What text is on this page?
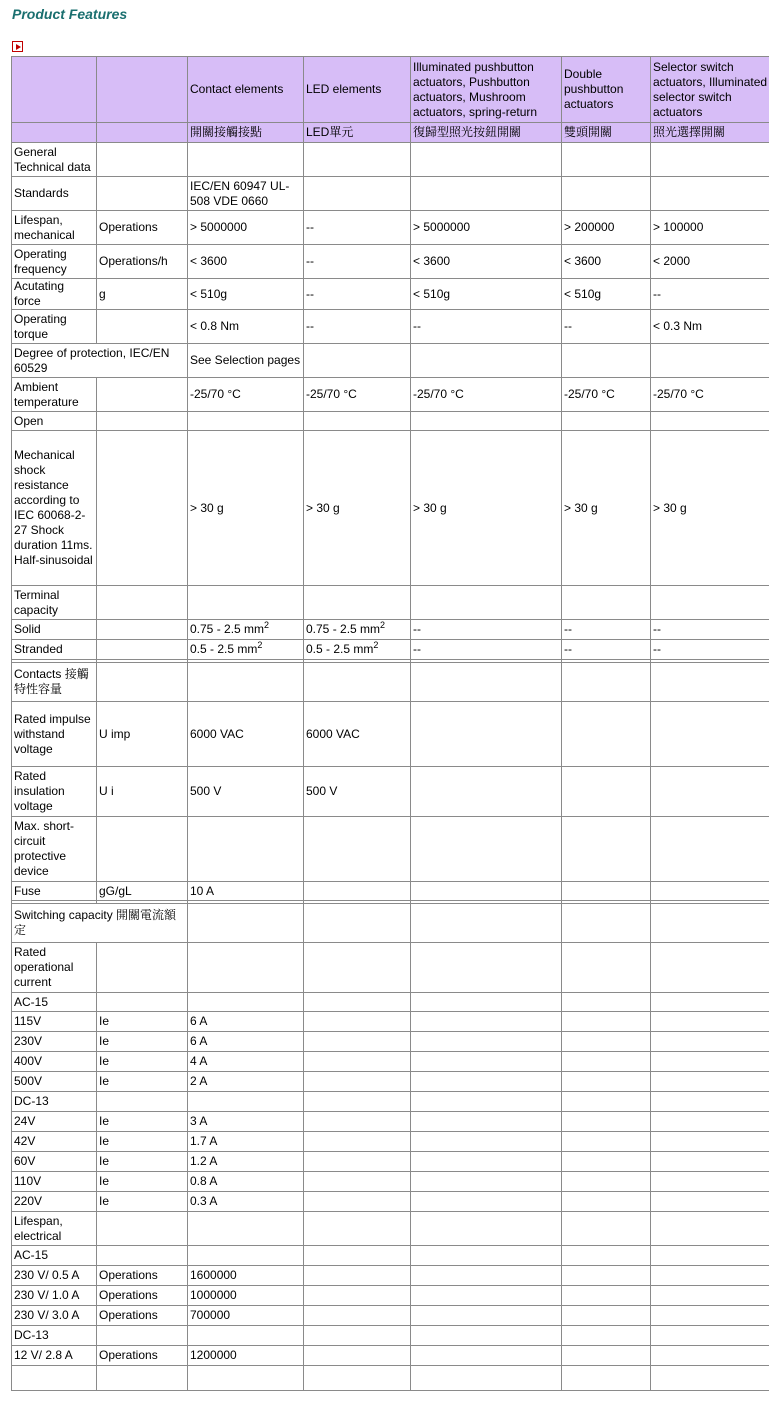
Product Features
		Contact elements	LED elements	Illuminated pushbutton actuators, Pushbutton actuators, Mushroom actuators, spring-return	Double pushbutton actuators	Selector switch actuators, Illuminated selector switch actuators
		開關接觸接點	LED單元	復歸型照光按鈕開關	雙頭開關	照光選擇開關
General Technical data						
Standards		IEC/EN 60947 UL-508 VDE 0660				
Lifespan, mechanical	Operations	> 5000000	--	> 5000000	> 200000	> 100000
Operating frequency	Operations/h	< 3600	--	< 3600	< 3600	< 2000
Acutating force	g	< 510g	--	< 510g	< 510g	--
Operating torque		< 0.8 Nm	--	--	--	< 0.3 Nm
Degree of protection, IEC/EN 60529		See Selection pages				
Ambient temperature		-25/70 °C	-25/70 °C	-25/70 °C	-25/70 °C	-25/70 °C
Open						
Mechanical shock resistance according to IEC 60068-2-27 Shock duration 11ms. Half-sinusoidal		> 30 g	> 30 g	> 30 g	> 30 g	> 30 g
Terminal capacity						
Solid		0.75 - 2.5 $mm^2$	0.75 - 2.5 $mm^2$	--	--	--
Stranded		0.5 - 2.5 $mm^2$	0.5 - 2.5 $mm^2$	--	--	--

Contacts 接觸特性容量						
Rated impulse withstand voltage	U imp	6000 VAC	6000 VAC			
Rated insulation voltage	U i	500 V	500 V			
Max. short-circuit protective device						
Fuse	gG/gL	10 A				

Switching capacity 開關電流額定						
Rated operational current						
AC-15						
115V	Ie	6 A				
230V	Ie	6 A				
400V	Ie	4 A				
500V	Ie	2 A				
DC-13						
24V	Ie	3 A				
42V	Ie	1.7 A				
60V	Ie	1.2 A				
110V	Ie	0.8 A				
220V	Ie	0.3 A				
Lifespan, electrical						
AC-15						
230 V/ 0.5 A	Operations	1600000				
230 V/ 1.0 A	Operations	1000000				
230 V/ 3.0 A	Operations	700000				
DC-13						
12 V/ 2.8 A	Operations	1200000				
